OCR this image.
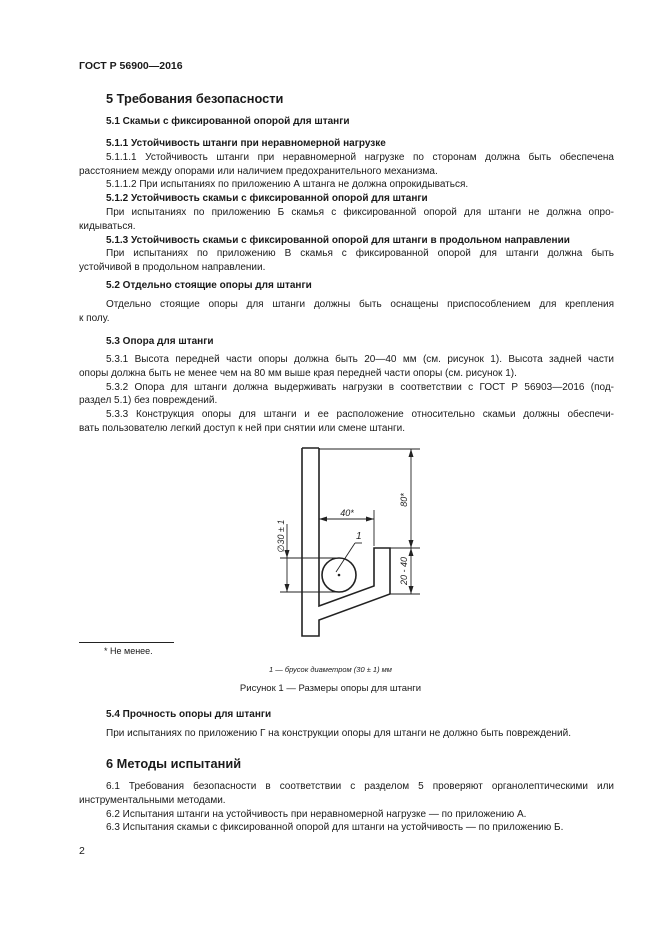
ГОСТ Р 56900—2016

5 Требования безопасности

5.1 Скамьи с фиксированной опорой для штанги

5.1.1 Устойчивость штанги при неравномерной нагрузке

5.1.1.1 Устойчивость штанги при неравномерной нагрузке по сторонам должна быть обеспечена

расстоянием между опорами или наличием предохранительного механизма.

5.1.1.2 При испытаниях по приложению А штанга не должна опрокидываться.

5.1.2 Устойчивость скамьи с фиксированной опорой для штанги

При испытаниях по приложению Б скамья с фиксированной опорой для штанги не должна опро-

кидываться.

5.1.3 Устойчивость скамьи с фиксированной опорой для штанги в продольном направлении

При испытаниях по приложению В скамья с фиксированной опорой для штанги должна быть

устойчивой в продольном направлении.

5.2 Отдельно стоящие опоры для штанги

Отдельно стоящие опоры для штанги должны быть оснащены приспособлением для крепления

к полу.

5.3 Опора для штанги

5.3.1 Высота передней части опоры должна быть 20—40 мм (см. рисунок 1). Высота задней части

опоры должна быть не менее чем на 80 мм выше края передней части опоры (см. рисунок 1).

5.3.2 Опора для штанги должна выдерживать нагрузки в соответствии с ГОСТ Р 56903—2016 (под-

раздел 5.1) без повреждений.

5.3.3 Конструкция опоры для штанги и ее расположение относительно скамьи должны обеспечи-

вать пользователю легкий доступ к ней при снятии или смене штанги.

80*
20 - 40
40*
∅30 ± 1	1
* Не менее.
1 — брусок диаметром (30 ± 1) мм
Рисунок 1 — Размеры опоры для штанги

5.4 Прочность опоры для штанги

При испытаниях по приложению Г на конструкции опоры для штанги не должно быть повреждений.

6 Методы испытаний

6.1 Требования безопасности в соответствии с разделом 5 проверяют органолептическими или

инструментальными методами.

6.2 Испытания штанги на устойчивость при неравномерной нагрузке — по приложению А.

6.3 Испытания скамьи с фиксированной опорой для штанги на устойчивость — по приложению Б.

2
